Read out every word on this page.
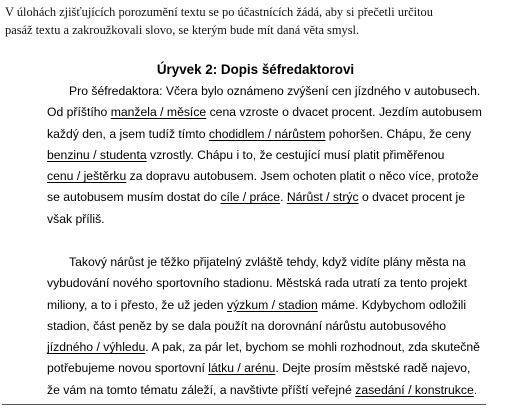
V úlohách zjišťujících porozumění textu se po účastnících žádá, aby si přečetli určitou
pasáž textu a zakroužkovali slovo, se kterým bude mít daná věta smysl.
Úryvek 2: Dopis šéfredaktorovi
Pro šéfredaktora: Včera bylo oznámeno zvýšení cen jízdného v autobusech.
Od příštího manžela / měsíce cena vzroste o dvacet procent. Jezdím autobusem
každý den, a jsem tudíž tímto chodidlem / nárůstem pohoršen. Chápu, že ceny
benzinu / studenta vzrostly. Chápu i to, že cestující musí platit přiměřenou
cenu / ještěrku za dopravu autobusem. Jsem ochoten platit o něco více, protože
se autobusem musím dostat do cíle / práce. Nárůst / strýc o dvacet procent je
však příliš.
Takový nárůst je těžko přijatelný zvláště tehdy, když vidíte plány města na
vybudování nového sportovního stadionu. Městská rada utratí za tento projekt
miliony, a to i přesto, že už jeden výzkum / stadion máme. Kdybychom odložili
stadion, část peněz by se dala použít na dorovnání nárůstu autobusového
jízdného / výhledu. A pak, za pár let, bychom se mohli rozhodnout, zda skutečně
potřebujeme novou sportovní látku / arénu. Dejte prosím městské radě najevo,
že vám na tomto tématu záleží, a navštivte příští veřejné zasedání / konstrukce.
